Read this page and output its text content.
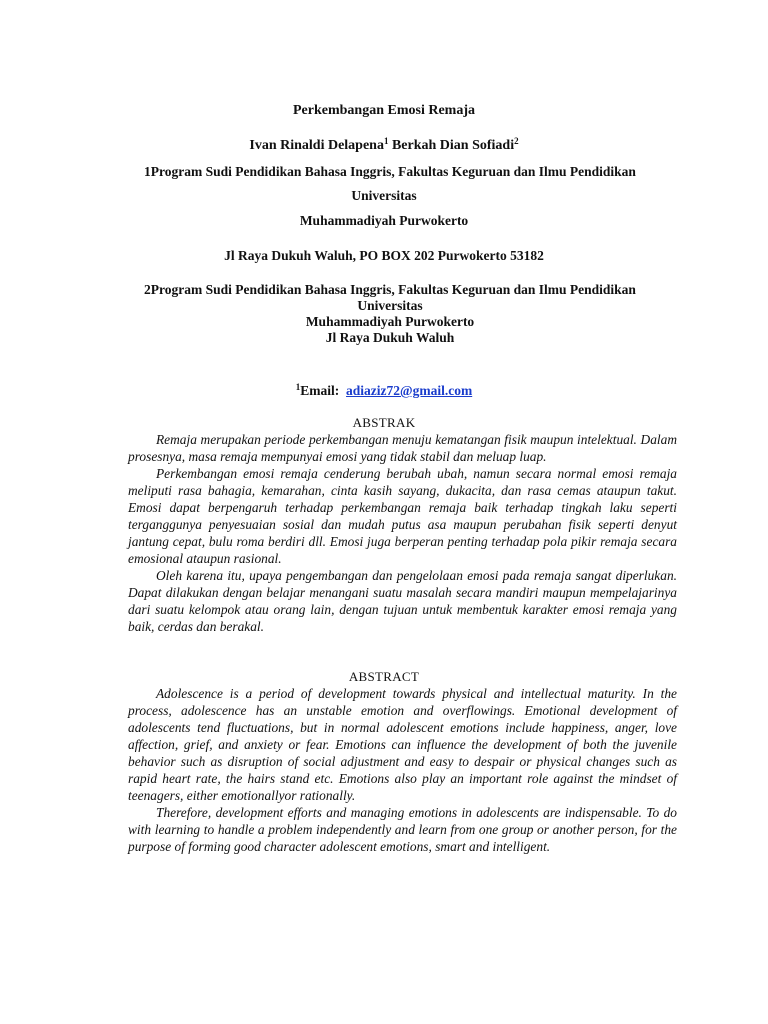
Perkembangan Emosi Remaja

Ivan Rinaldi Delapena$^1$ Berkah Dian Sofiadi$^2$

1Program Sudi Pendidikan Bahasa Inggris, Fakultas Keguruan dan Ilmu Pendidikan

Universitas

Muhammadiyah Purwokerto

Jl Raya Dukuh Waluh, PO BOX 202 Purwokerto 53182

2Program Sudi Pendidikan Bahasa Inggris, Fakultas Keguruan dan Ilmu Pendidikan
Universitas
Muhammadiyah Purwokerto
Jl Raya Dukuh Waluh

$^1$Email: adiaziz72@gmail.com

ABSTRAK

Remaja merupakan periode perkembangan menuju kematangan fisik maupun intelektual. Dalam prosesnya, masa remaja mempunyai emosi yang tidak stabil dan meluap luap.

Perkembangan emosi remaja cenderung berubah ubah, namun secara normal emosi remaja meliputi rasa bahagia, kemarahan, cinta kasih sayang, dukacita, dan rasa cemas ataupun takut. Emosi dapat berpengaruh terhadap perkembangan remaja baik terhadap tingkah laku seperti terganggunya penyesuaian sosial dan mudah putus asa maupun perubahan fisik seperti denyut jantung cepat, bulu roma berdiri dll. Emosi juga berperan penting terhadap pola pikir remaja secara emosional ataupun rasional.

Oleh karena itu, upaya pengembangan dan pengelolaan emosi pada remaja sangat diperlukan. Dapat dilakukan dengan belajar menangani suatu masalah secara mandiri maupun mempelajarinya dari suatu kelompok atau orang lain, dengan tujuan untuk membentuk karakter emosi remaja yang baik, cerdas dan berakal.

ABSTRACT

Adolescence is a period of development towards physical and intellectual maturity. In the process, adolescence has an unstable emotion and overflowings. Emotional development of adolescents tend fluctuations, but in normal adolescent emotions include happiness, anger, love affection, grief, and anxiety or fear. Emotions can influence the development of both the juvenile behavior such as disruption of social adjustment and easy to despair or physical changes such as rapid heart rate, the hairs stand etc. Emotions also play an important role against the mindset of teenagers, either emotionallyor rationally.

Therefore, development efforts and managing emotions in adolescents are indispensable. To do with learning to handle a problem independently and learn from one group or another person, for the purpose of forming good character adolescent emotions, smart and intelligent.
